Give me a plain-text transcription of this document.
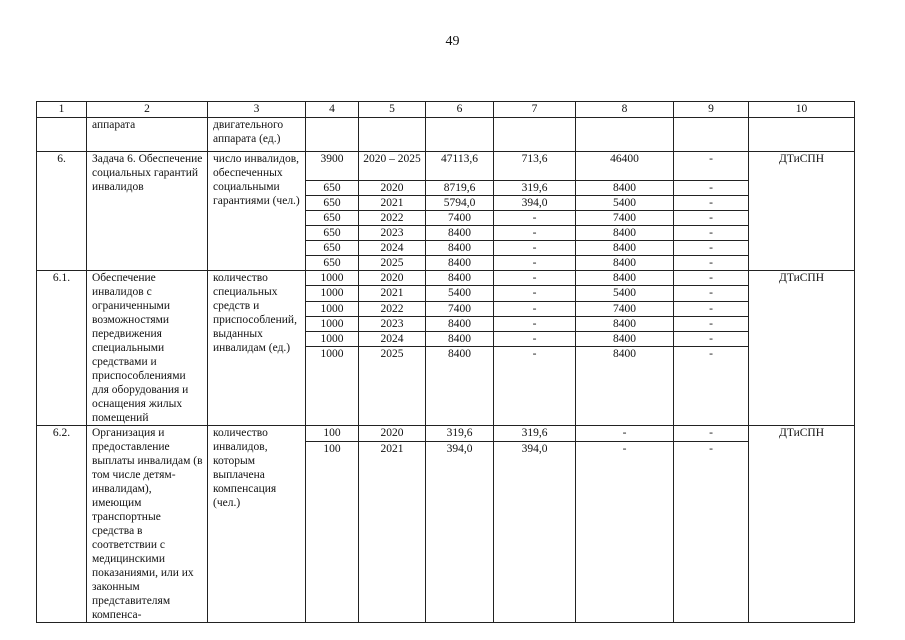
49
1	2	3	4	5	6	7	8	9	10
	аппарата	двигательного аппарата (ед.)							
6.	Задача 6. Обеспечение социальных гарантий инвалидов	число инвалидов, обеспеченных социальными гарантиями (чел.)	3900	2020 – 2025	47113,6	713,6	46400	-	ДТиСПН
			650	2020	8719,6	319,6	8400	-	
			650	2021	5794,0	394,0	5400	-	
			650	2022	7400	-	7400	-	
			650	2023	8400	-	8400	-	
			650	2024	8400	-	8400	-	
			650	2025	8400	-	8400	-	
6.1.	Обеспечение инвалидов с ограниченными возможностями передвижения специальными средствами и приспособлениями для оборудования и оснащения жилых помещений	количество специальных средств и приспособлений, выданных инвалидам (ед.)	1000	2020	8400	-	8400	-	ДТиСПН
			1000	2021	5400	-	5400	-	
			1000	2022	7400	-	7400	-	
			1000	2023	8400	-	8400	-	
			1000	2024	8400	-	8400	-	
			1000	2025	8400	-	8400	-	
6.2.	Организация и предоставление выплаты инвалидам (в том числе детям-инвалидам), имеющим транспортные средства в соответствии с медицинскими показаниями, или их законным представителям компенса-	количество инвалидов, которым выплачена компенсация (чел.)	100	2020	319,6	319,6	-	-	ДТиСПН
			100	2021	394,0	394,0	-	-	
